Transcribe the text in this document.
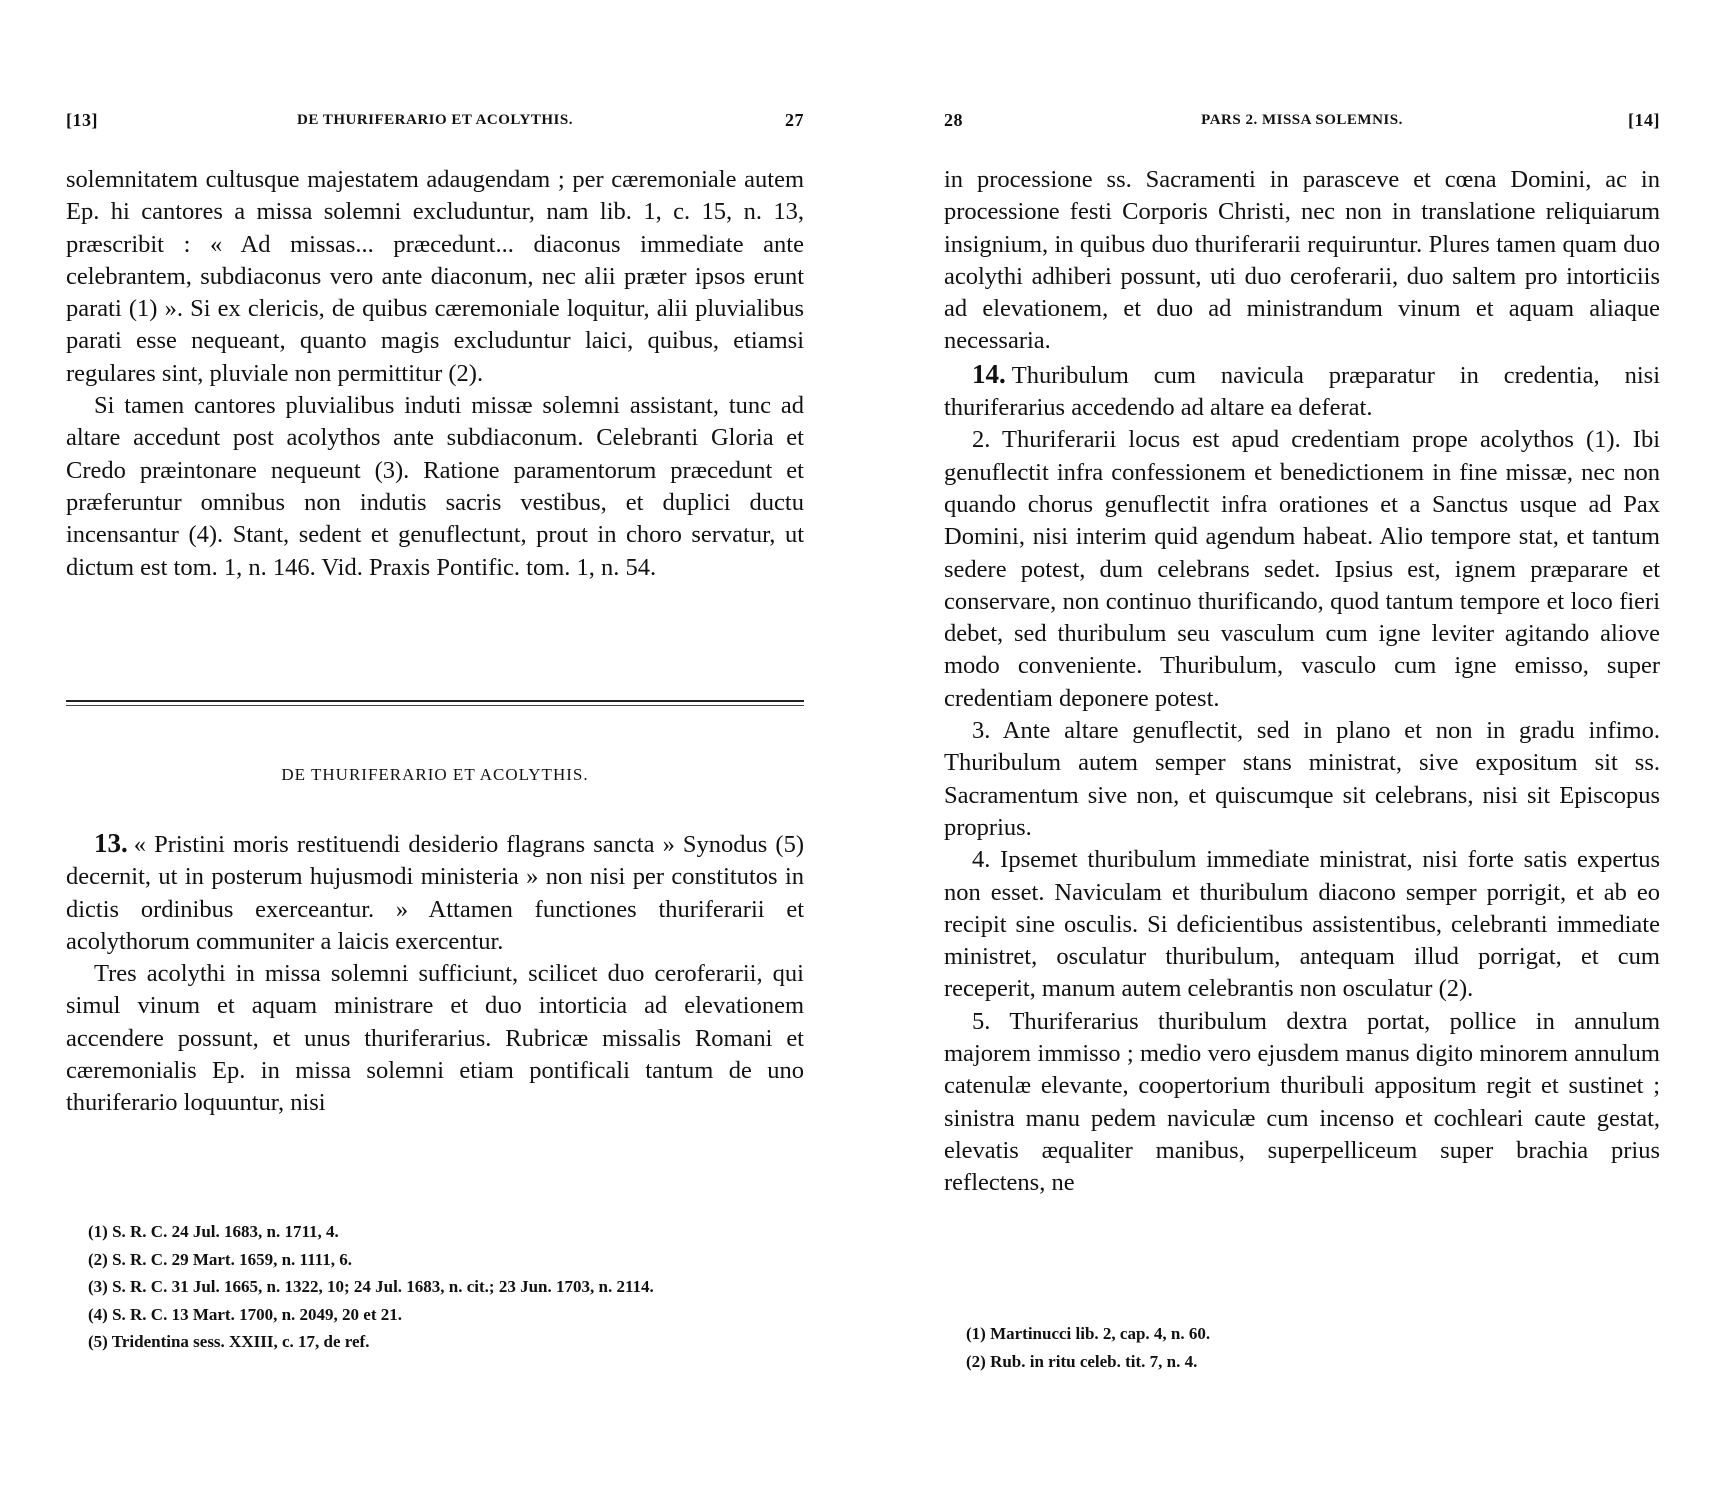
[13]	DE THURIFERARIO ET ACOLYTHIS.	27

solemnitatem cultusque majestatem adaugendam ; per cæremoniale autem Ep. hi cantores a missa solemni excluduntur, nam lib. 1, c. 15, n. 13, præscribit : « Ad missas... præcedunt... diaconus immediate ante celebrantem, subdiaconus vero ante diaconum, nec alii præter ipsos erunt parati (1) ». Si ex clericis, de quibus cæremoniale loquitur, alii pluvialibus parati esse nequeant, quanto magis excluduntur laici, quibus, etiamsi regulares sint, pluviale non permittitur (2).

Si tamen cantores pluvialibus induti missæ solemni assistant, tunc ad altare accedunt post acolythos ante subdiaconum. Celebranti Gloria et Credo præintonare nequeunt (3). Ratione paramentorum præcedunt et præferuntur omnibus non indutis sacris vestibus, et duplici ductu incensantur (4). Stant, sedent et genuflectunt, prout in choro servatur, ut dictum est tom. 1, n. 146. Vid. Praxis Pontific. tom. 1, n. 54.

DE THURIFERARIO ET ACOLYTHIS.

13. « Pristini moris restituendi desiderio flagrans sancta » Synodus (5) decernit, ut in posterum hujusmodi ministeria » non nisi per constitutos in dictis ordinibus exerceantur. » Attamen functiones thuriferarii et acolythorum communiter a laicis exercentur.

Tres acolythi in missa solemni sufficiunt, scilicet duo ceroferarii, qui simul vinum et aquam ministrare et duo intorticia ad elevationem accendere possunt, et unus thuriferarius. Rubricæ missalis Romani et cæremonialis Ep. in missa solemni etiam pontificali tantum de uno thuriferario loquuntur, nisi

(1) S. R. C. 24 Jul. 1683, n. 1711, 4.

(2) S. R. C. 29 Mart. 1659, n. 1111, 6.

(3) S. R. C. 31 Jul. 1665, n. 1322, 10; 24 Jul. 1683, n. cit.; 23 Jun. 1703, n. 2114.

(4) S. R. C. 13 Mart. 1700, n. 2049, 20 et 21.

(5) Tridentina sess. XXIII, c. 17, de ref.

28	PARS 2. MISSA SOLEMNIS.	[14]

in processione ss. Sacramenti in parasceve et cœna Domini, ac in processione festi Corporis Christi, nec non in translatione reliquiarum insignium, in quibus duo thuriferarii requiruntur. Plures tamen quam duo acolythi adhiberi possunt, uti duo ceroferarii, duo saltem pro intorticiis ad elevationem, et duo ad ministrandum vinum et aquam aliaque necessaria.

14. Thuribulum cum navicula præparatur in credentia, nisi thuriferarius accedendo ad altare ea deferat.

2. Thuriferarii locus est apud credentiam prope acolythos (1). Ibi genuflectit infra confessionem et benedictionem in fine missæ, nec non quando chorus genuflectit infra orationes et a Sanctus usque ad Pax Domini, nisi interim quid agendum habeat. Alio tempore stat, et tantum sedere potest, dum celebrans sedet. Ipsius est, ignem præparare et conservare, non continuo thurificando, quod tantum tempore et loco fieri debet, sed thuribulum seu vasculum cum igne leviter agitando aliove modo conveniente. Thuribulum, vasculo cum igne emisso, super credentiam deponere potest.

3. Ante altare genuflectit, sed in plano et non in gradu infimo. Thuribulum autem semper stans ministrat, sive expositum sit ss. Sacramentum sive non, et quiscumque sit celebrans, nisi sit Episcopus proprius.

4. Ipsemet thuribulum immediate ministrat, nisi forte satis expertus non esset. Naviculam et thuribulum diacono semper porrigit, et ab eo recipit sine osculis. Si deficientibus assistentibus, celebranti immediate ministret, osculatur thuribulum, antequam illud porrigat, et cum receperit, manum autem celebrantis non osculatur (2).

5. Thuriferarius thuribulum dextra portat, pollice in annulum majorem immisso ; medio vero ejusdem manus digito minorem annulum catenulæ elevante, coopertorium thuribuli appositum regit et sustinet ; sinistra manu pedem naviculæ cum incenso et cochleari caute gestat, elevatis æqualiter manibus, superpelliceum super brachia prius reflectens, ne

(1) Martinucci lib. 2, cap. 4, n. 60.

(2) Rub. in ritu celeb. tit. 7, n. 4.
